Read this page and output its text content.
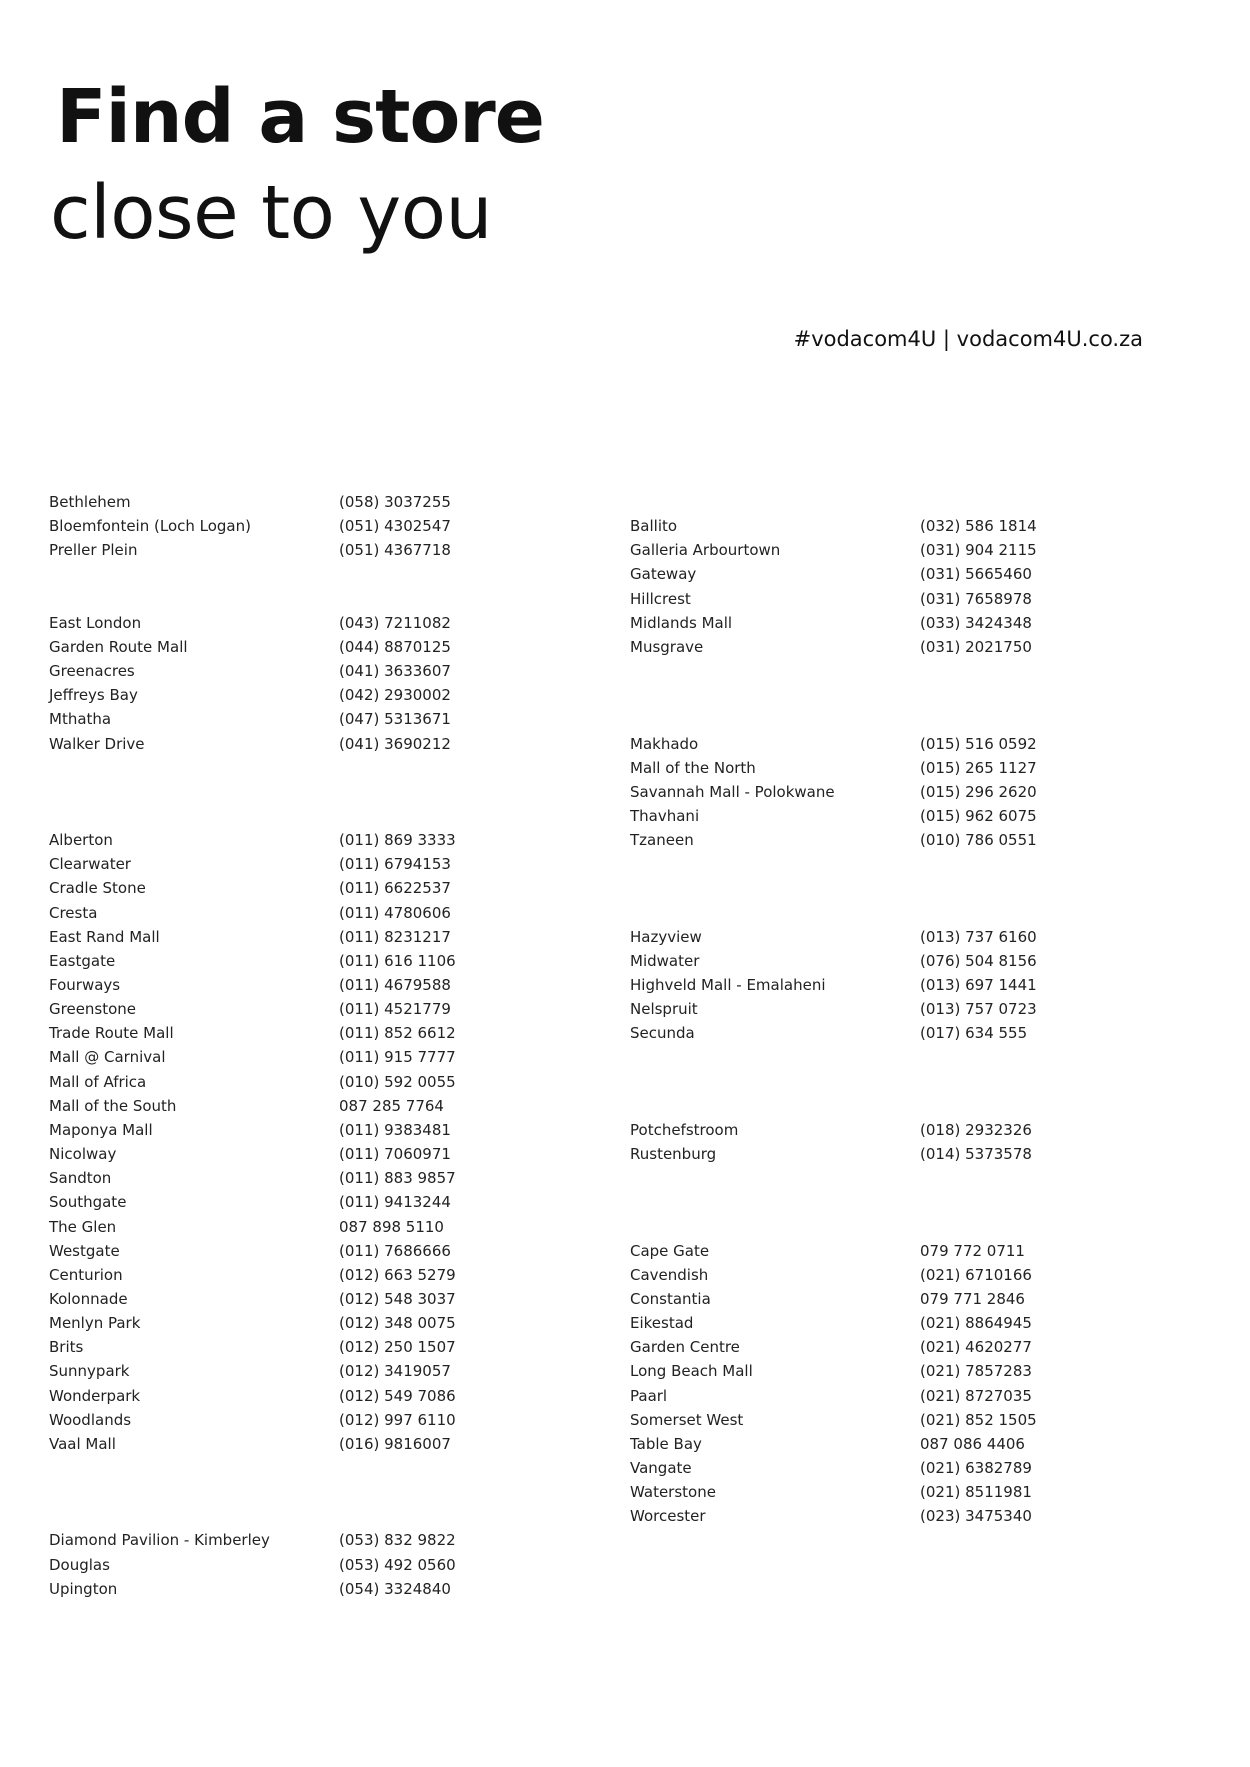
Find a store
close to you
#vodacom4U | vodacom4U.co.za
Bethlehem	(058) 3037255
Bloemfontein (Loch Logan)	(051) 4302547
Preller Plein	(051) 4367718
East London	(043) 7211082
Garden Route Mall	(044) 8870125
Greenacres	(041) 3633607
Jeffreys Bay	(042) 2930002
Mthatha	(047) 5313671
Walker Drive	(041) 3690212
Alberton	(011) 869 3333
Clearwater	(011) 6794153
Cradle Stone	(011) 6622537
Cresta	(011) 4780606
East Rand Mall	(011) 8231217
Eastgate	(011) 616 1106
Fourways	(011) 4679588
Greenstone	(011) 4521779
Trade Route Mall	(011) 852 6612
Mall @ Carnival	(011) 915 7777
Mall of Africa	(010) 592 0055
Mall of the South	087 285 7764
Maponya Mall	(011) 9383481
Nicolway	(011) 7060971
Sandton	(011) 883 9857
Southgate	(011) 9413244
The Glen	087 898 5110
Westgate	(011) 7686666
Centurion	(012) 663 5279
Kolonnade	(012) 548 3037
Menlyn Park	(012) 348 0075
Brits	(012) 250 1507
Sunnypark	(012) 3419057
Wonderpark	(012) 549 7086
Woodlands	(012) 997 6110
Vaal Mall	(016) 9816007
Diamond Pavilion - Kimberley	(053) 832 9822
Douglas	(053) 492 0560
Upington	(054) 3324840
Ballito	(032) 586 1814
Galleria Arbourtown	(031) 904 2115
Gateway	(031) 5665460
Hillcrest	(031) 7658978
Midlands Mall	(033) 3424348
Musgrave	(031) 2021750
Makhado	(015) 516 0592
Mall of the North	(015) 265 1127
Savannah Mall - Polokwane	(015) 296 2620
Thavhani	(015) 962 6075
Tzaneen	(010) 786 0551
Hazyview	(013) 737 6160
Midwater	(076) 504 8156
Highveld Mall - Emalaheni	(013) 697 1441
Nelspruit	(013) 757 0723
Secunda	(017) 634 555
Potchefstroom	(018) 2932326
Rustenburg	(014) 5373578
Cape Gate	079 772 0711
Cavendish	(021) 6710166
Constantia	079 771 2846
Eikestad	(021) 8864945
Garden Centre	(021) 4620277
Long Beach Mall	(021) 7857283
Paarl	(021) 8727035
Somerset West	(021) 852 1505
Table Bay	087 086 4406
Vangate	(021) 6382789
Waterstone	(021) 8511981
Worcester	(023) 3475340
